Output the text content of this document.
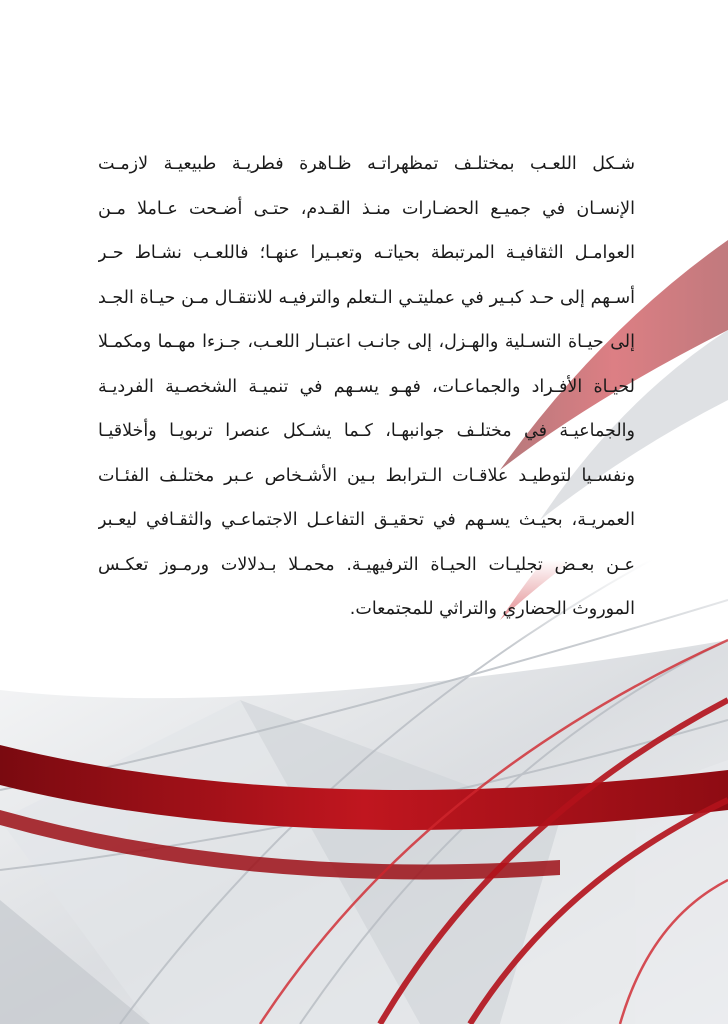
شـكل اللعـب بمختلـف تمظهراتـه ظـاهرة فطريـة طبيعيـة لازمـت
الإنسـان في جميـع الحضـارات منـذ القـدم، حتـى أضـحت عـاملا مـن
العوامـل الثقافيـة المرتبطة بحياتـه وتعبـيرا عنهـا؛ فاللعـب نشـاط حـر
أسـهم إلى حـد كبـير في عمليتـي الـتعلم والترفيـه للانتقـال مـن حيـاة الجـد
إلى حيـاة التسـلية والهـزل، إلى جانـب اعتبـار اللعـب، جـزءا مهـما ومكمـلا
لحيـاة الأفـراد والجماعـات، فهـو يسـهم في تنميـة الشخصـية الفرديـة
والجماعيـة في مختلـف جوانبهـا، كـما يشـكل عنصرا تربويـا وأخلاقيـا
ونفسـيا لتوطيـد علاقـات الـترابط بـين الأشـخاص عـبر مختلـف الفئـات
العمريـة، بحيـث يسـهم في تحقيـق التفاعـل الاجتماعـي والثقـافي ليعـبر
عـن بعـض تجليـات الحيـاة الترفيهيـة. محمـلا بـدلالات ورمـوز تعكـس
الموروث الحضاري والتراثي للمجتمعات.
